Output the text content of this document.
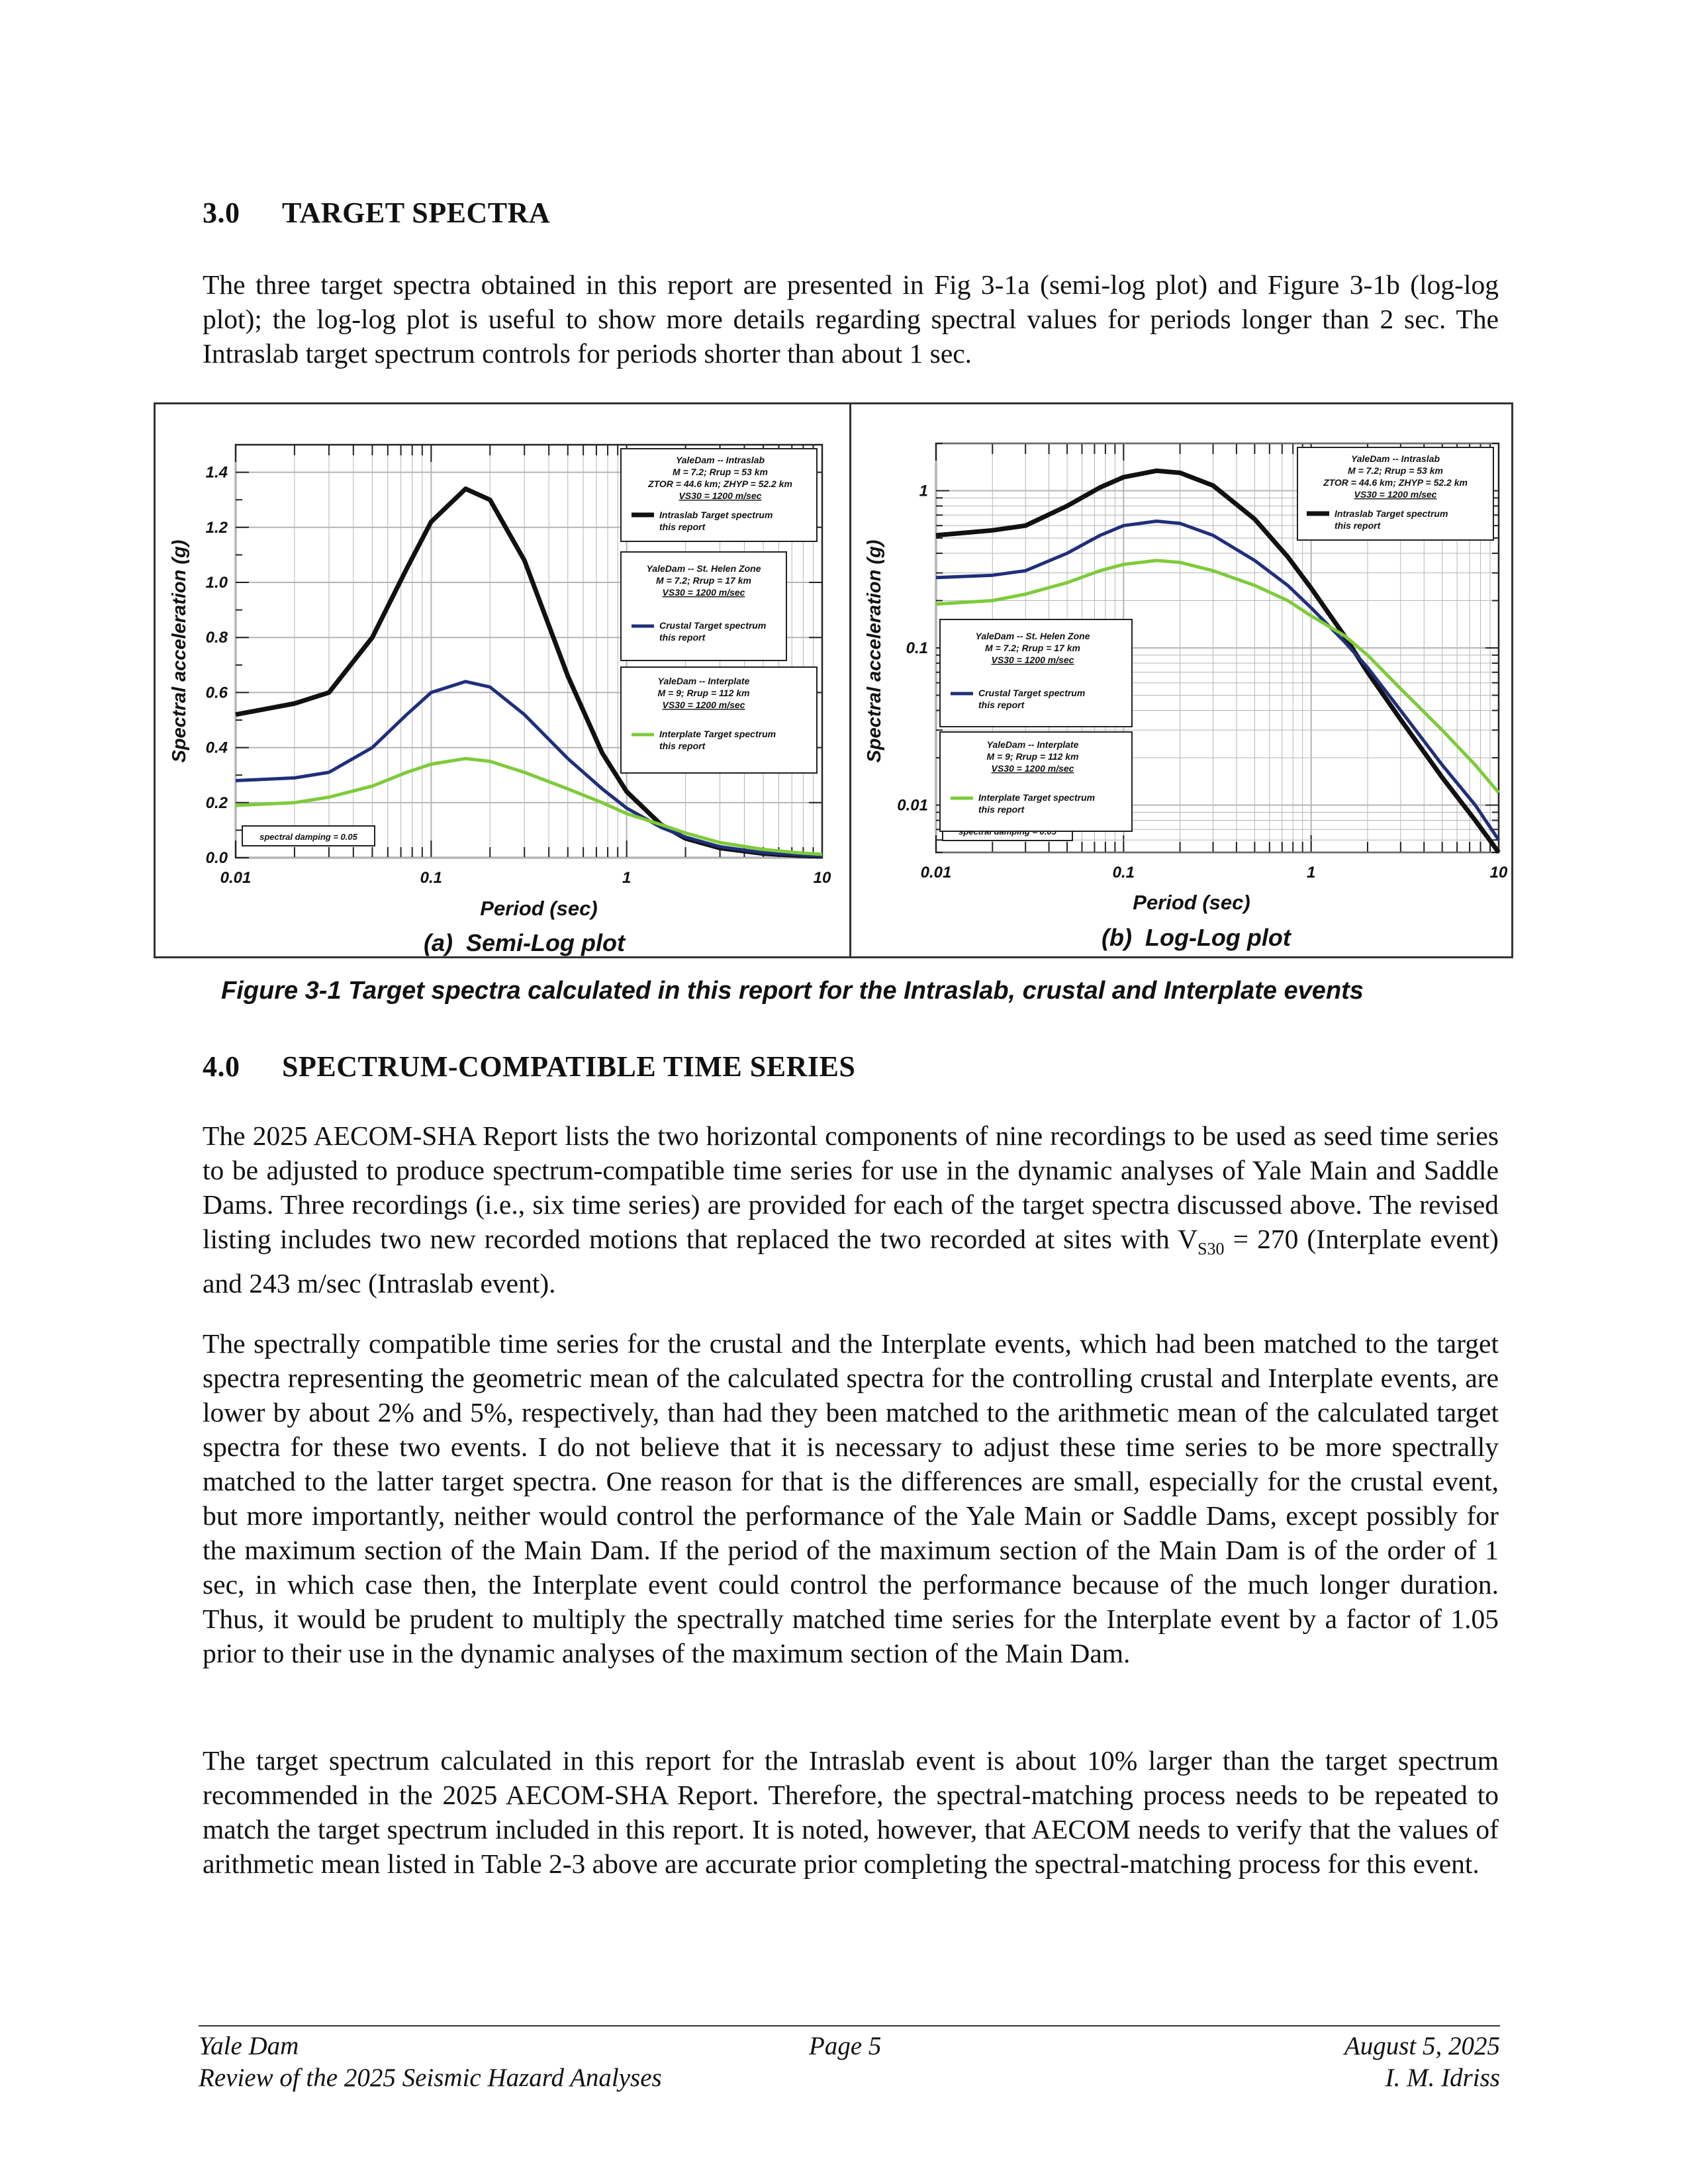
3.0 TARGET SPECTRA
The three target spectra obtained in this report are presented in Fig 3-1a (semi-log plot) and Figure 3-1b (log-log plot); the log-log plot is useful to show more details regarding spectral values for periods longer than 2 sec. The Intraslab target spectrum controls for periods shorter than about 1 sec.
0.01	0.1	1	10
0.0
0.2
0.4
0.6
0.8
1.0
1.2
1.4
Spectral acceleration (g)
Period (sec)
spectral damping = 0.05
YaleDam -- Intraslab
M = 7.2; Rrup = 53 km
ZTOR = 44.6 km; ZHYP = 52.2 km
VS30 = 1200 m/sec
Intraslab Target spectrum
this report
YaleDam -- St. Helen Zone
M = 7.2; Rrup = 17 km
VS30 = 1200 m/sec
Crustal Target spectrum
this report
YaleDam -- Interplate
M = 9; Rrup = 112 km
VS30 = 1200 m/sec
Interplate Target spectrum
this report
(a) Semi-Log plot
0.01	0.1	1	10
0.01
0.1
1
Spectral acceleration (g)
Period (sec)
YaleDam -- Intraslab
M = 7.2; Rrup = 53 km
ZTOR = 44.6 km; ZHYP = 52.2 km
VS30 = 1200 m/sec
Intraslab Target spectrum
this report
YaleDam -- St. Helen Zone
M = 7.2; Rrup = 17 km
VS30 = 1200 m/sec
Crustal Target spectrum
this report
YaleDam -- Interplate
M = 9; Rrup = 112 km
VS30 = 1200 m/sec
Interplate Target spectrum
this report
(b) Log-Log plot
Figure 3-1 Target spectra calculated in this report for the Intraslab, crustal and Interplate events
4.0 SPECTRUM-COMPATIBLE TIME SERIES
The 2025 AECOM-SHA Report lists the two horizontal components of nine recordings to be used as seed time series to be adjusted to produce spectrum-compatible time series for use in the dynamic analyses of Yale Main and Saddle Dams. Three recordings (i.e., six time series) are provided for each of the target spectra discussed above. The revised listing includes two new recorded motions that replaced the two recorded at sites with $V_{S30} = 270$ (Interplate event) and 243 m/sec (Intraslab event).
The spectrally compatible time series for the crustal and the Interplate events, which had been matched to the target spectra representing the geometric mean of the calculated spectra for the controlling crustal and Interplate events, are lower by about 2% and 5%, respectively, than had they been matched to the arithmetic mean of the calculated target spectra for these two events. I do not believe that it is necessary to adjust these time series to be more spectrally matched to the latter target spectra. One reason for that is the differences are small, especially for the crustal event, but more importantly, neither would control the performance of the Yale Main or Saddle Dams, except possibly for the maximum section of the Main Dam. If the period of the maximum section of the Main Dam is of the order of 1 sec, in which case then, the Interplate event could control the performance because of the much longer duration. Thus, it would be prudent to multiply the spectrally matched time series for the Interplate event by a factor of 1.05 prior to their use in the dynamic analyses of the maximum section of the Main Dam.
The target spectrum calculated in this report for the Intraslab event is about 10% larger than the target spectrum recommended in the 2025 AECOM-SHA Report. Therefore, the spectral-matching process needs to be repeated to match the target spectrum included in this report. It is noted, however, that AECOM needs to verify that the values of arithmetic mean listed in Table 2-3 above are accurate prior completing the spectral-matching process for this event.
Yale Dam
Review of the 2025 Seismic Hazard Analyses
Page 5	August 5, 2025
I. M. Idriss
